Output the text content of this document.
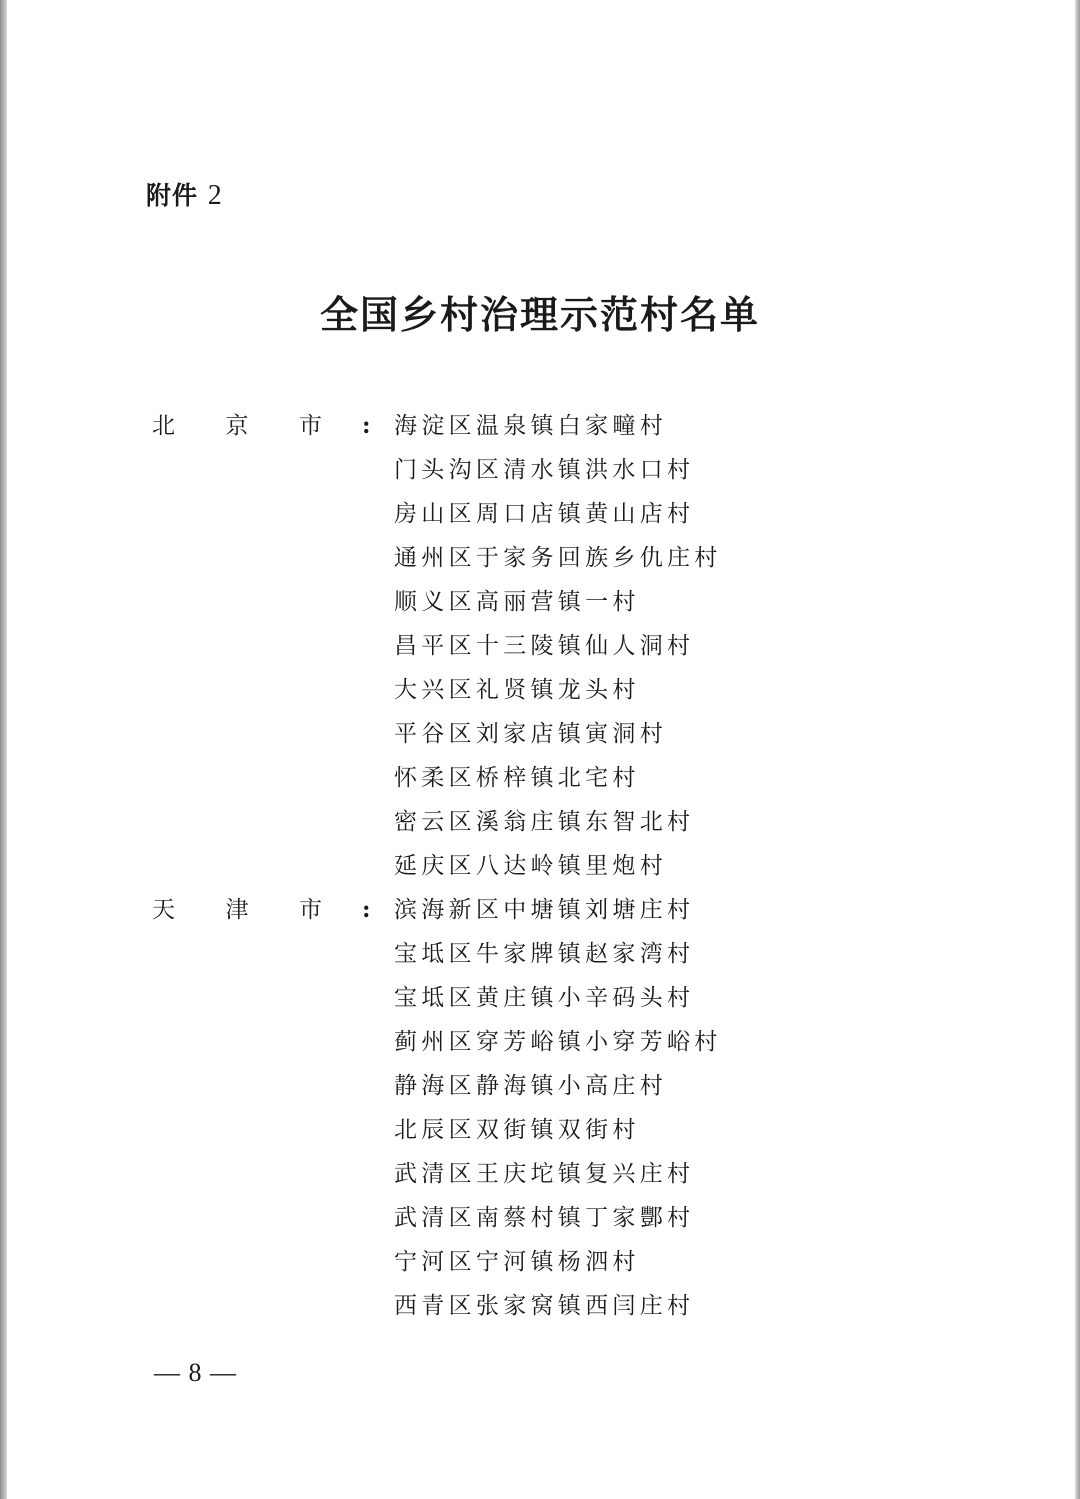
附件 2
全国乡村治理示范村名单
北 京 市 : 海淀区温泉镇白家疃村
门头沟区清水镇洪水口村
房山区周口店镇黄山店村
通州区于家务回族乡仇庄村
顺义区高丽营镇一村
昌平区十三陵镇仙人洞村
大兴区礼贤镇龙头村
平谷区刘家店镇寅洞村
怀柔区桥梓镇北宅村
密云区溪翁庄镇东智北村
延庆区八达岭镇里炮村
天 津 市 : 滨海新区中塘镇刘塘庄村
宝坻区牛家牌镇赵家湾村
宝坻区黄庄镇小辛码头村
蓟州区穿芳峪镇小穿芳峪村
静海区静海镇小高庄村
北辰区双街镇双街村
武清区王庆坨镇复兴庄村
武清区南蔡村镇丁家酆村
宁河区宁河镇杨泗村
西青区张家窝镇西闫庄村
— 8 —
